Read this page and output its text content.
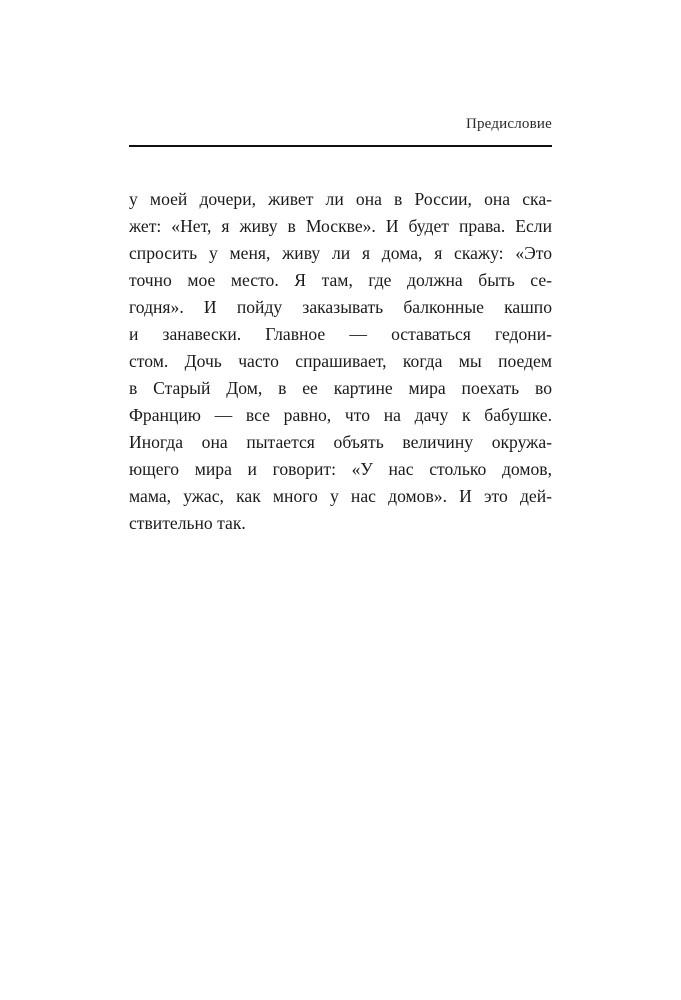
Предисловие
у моей дочери, живет ли она в России, она ска-
жет: «Нет, я живу в Москве». И будет права. Если
спросить у меня, живу ли я дома, я скажу: «Это
точно мое место. Я там, где должна быть се-
годня». И пойду заказывать балконные кашпо
и занавески. Главное — оставаться гедони-
стом. Дочь часто спрашивает, когда мы поедем
в Старый Дом, в ее картине мира поехать во
Францию — все равно, что на дачу к бабушке.
Иногда она пытается объять величину окружа-
ющего мира и говорит: «У нас столько домов,
мама, ужас, как много у нас домов». И это дей-
ствительно так.
